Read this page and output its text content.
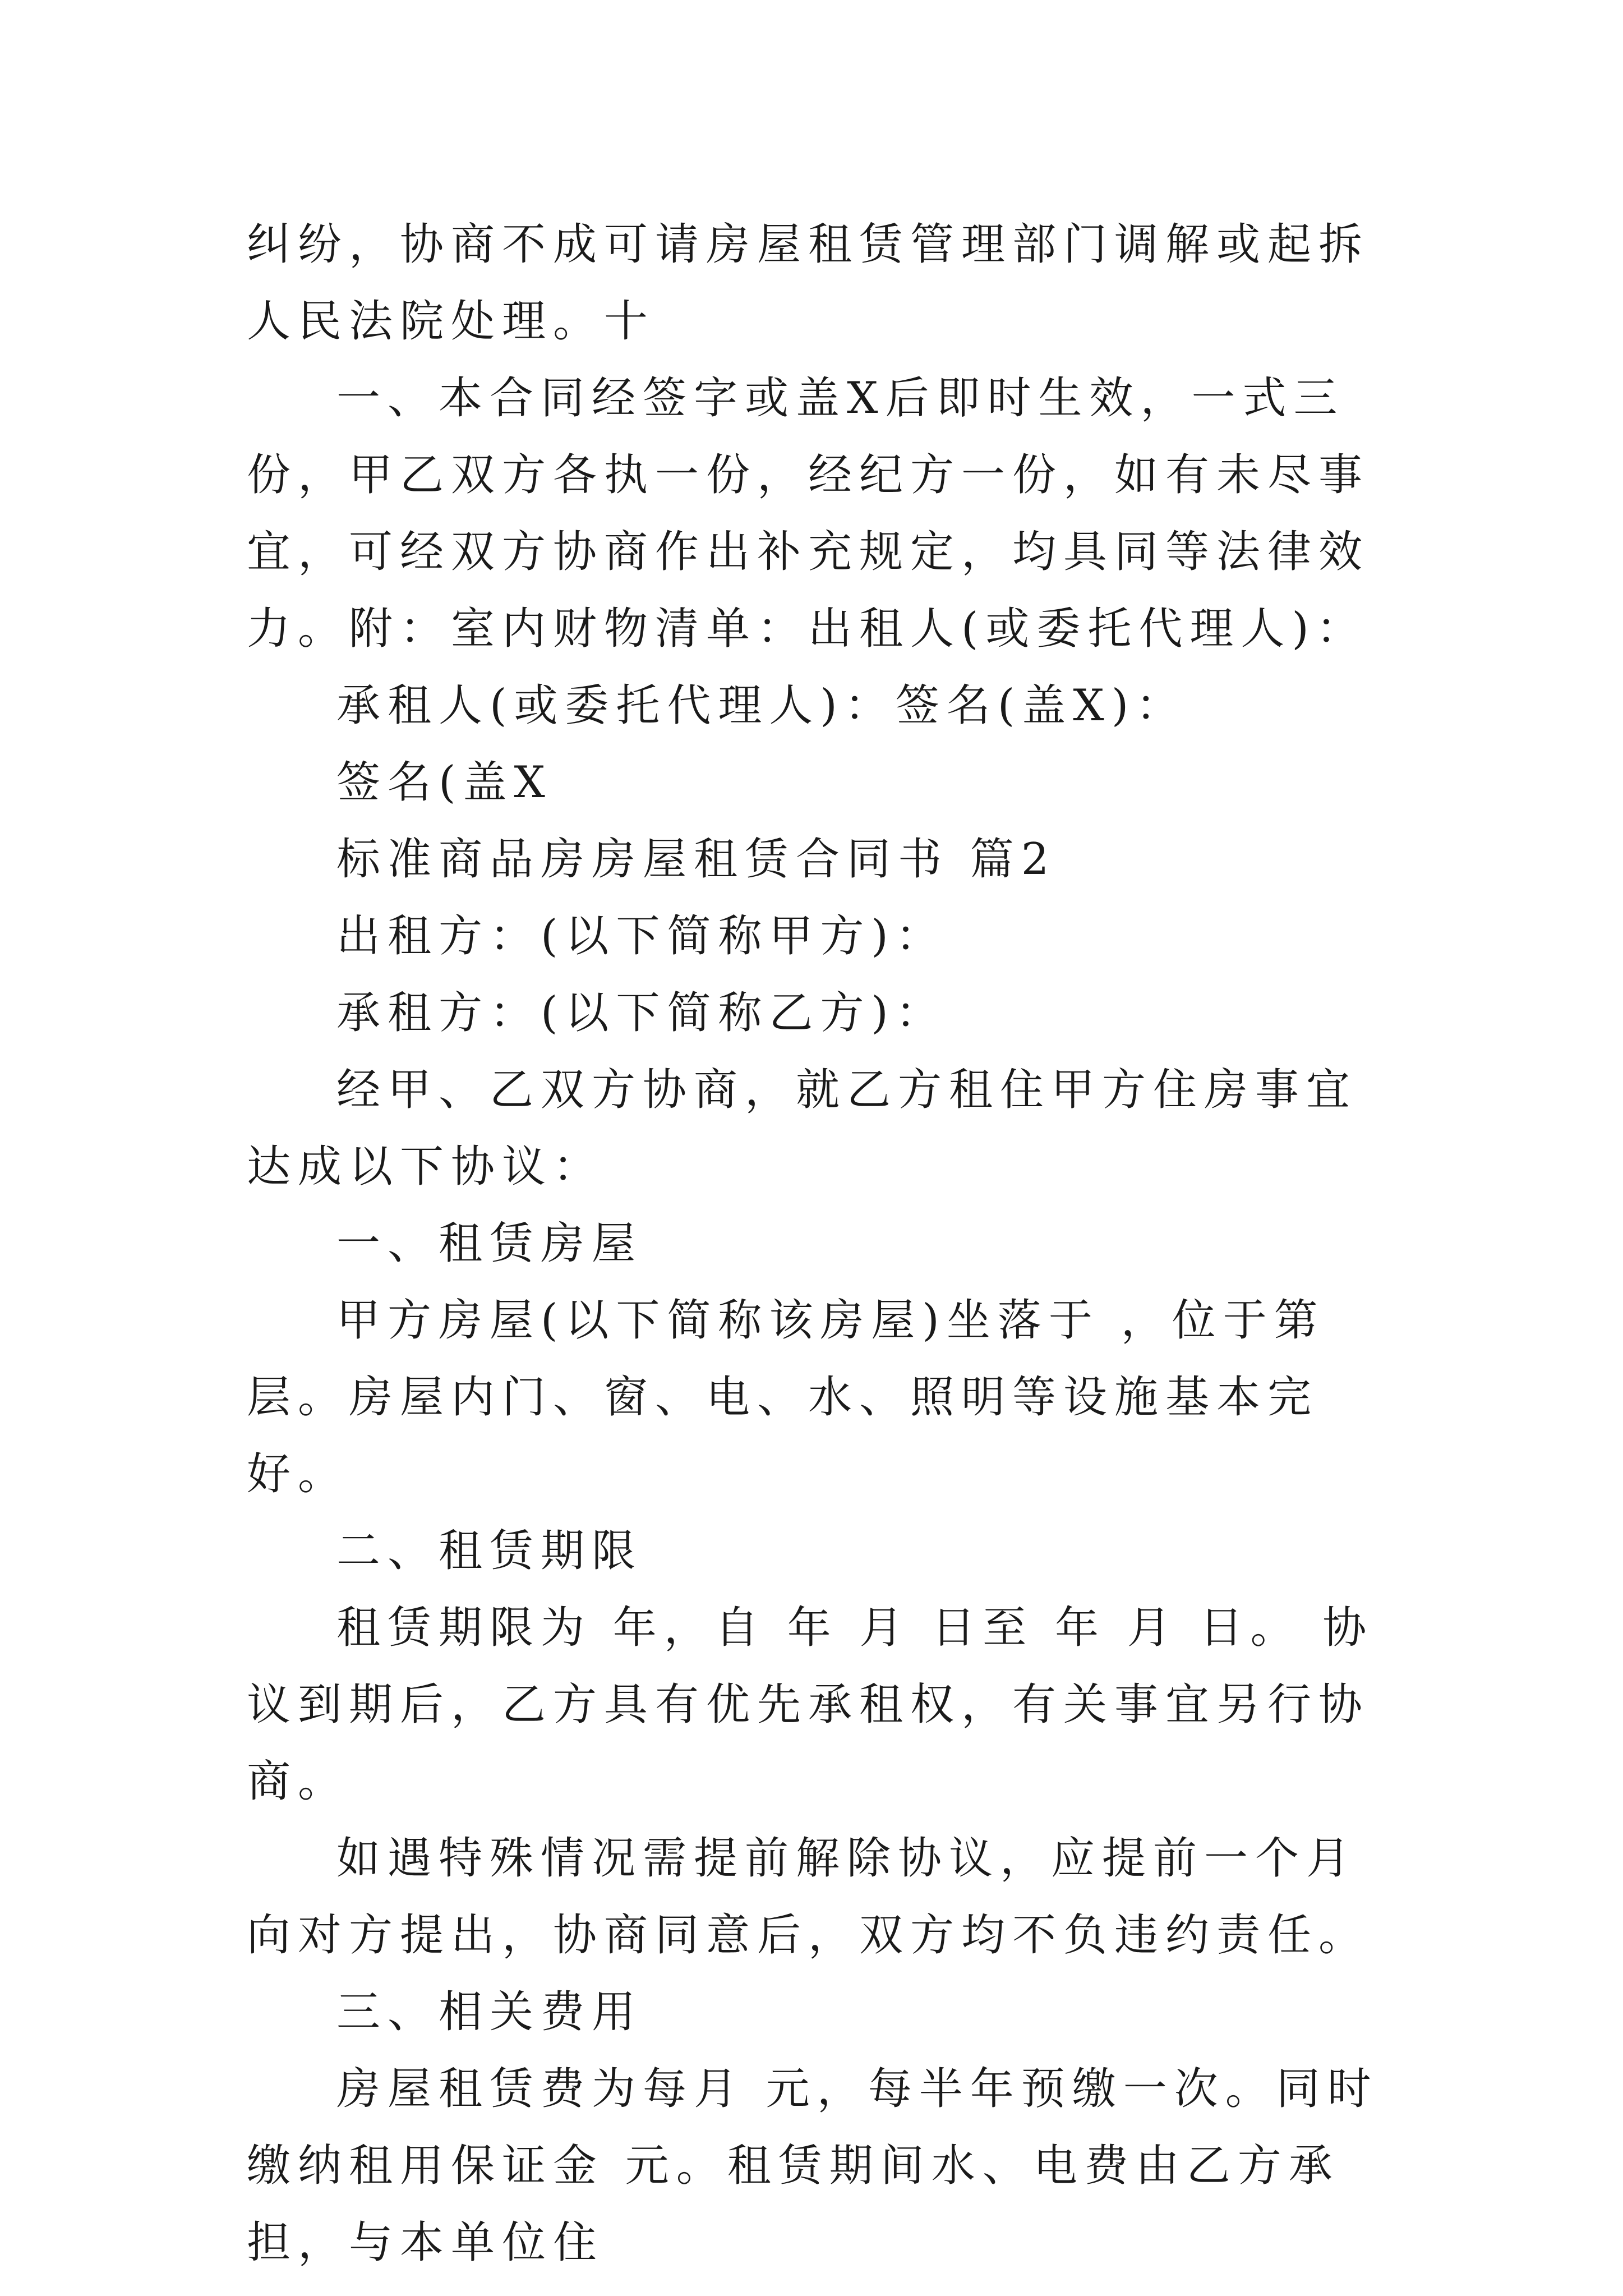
纠纷，协商不成可请房屋租赁管理部门调解或起拆人民法院处理。十

一、本合同经签字或盖X后即时生效，一式三份，甲乙双方各执一份，经纪方一份，如有未尽事宜，可经双方协商作出补充规定，均具同等法律效力。附：室内财物清单：出租人(或委托代理人)：

承租人(或委托代理人)：签名(盖X)：

签名(盖X

标准商品房房屋租赁合同书 篇2

出租方：(以下简称甲方)：

承租方：(以下简称乙方)：

经甲、乙双方协商，就乙方租住甲方住房事宜达成以下协议：

一、租赁房屋

甲方房屋(以下简称该房屋)坐落于 ，位于第 层。房屋内门、窗、电、水、照明等设施基本完好。

二、租赁期限

租赁期限为 年，自 年 月 日至 年 月 日。 协议到期后，乙方具有优先承租权，有关事宜另行协商。

如遇特殊情况需提前解除协议，应提前一个月向对方提出，协商同意后，双方均不负违约责任。

三、相关费用

房屋租赁费为每月 元，每半年预缴一次。同时缴纳租用保证金 元。租赁期间水、电费由乙方承担，与本单位住
